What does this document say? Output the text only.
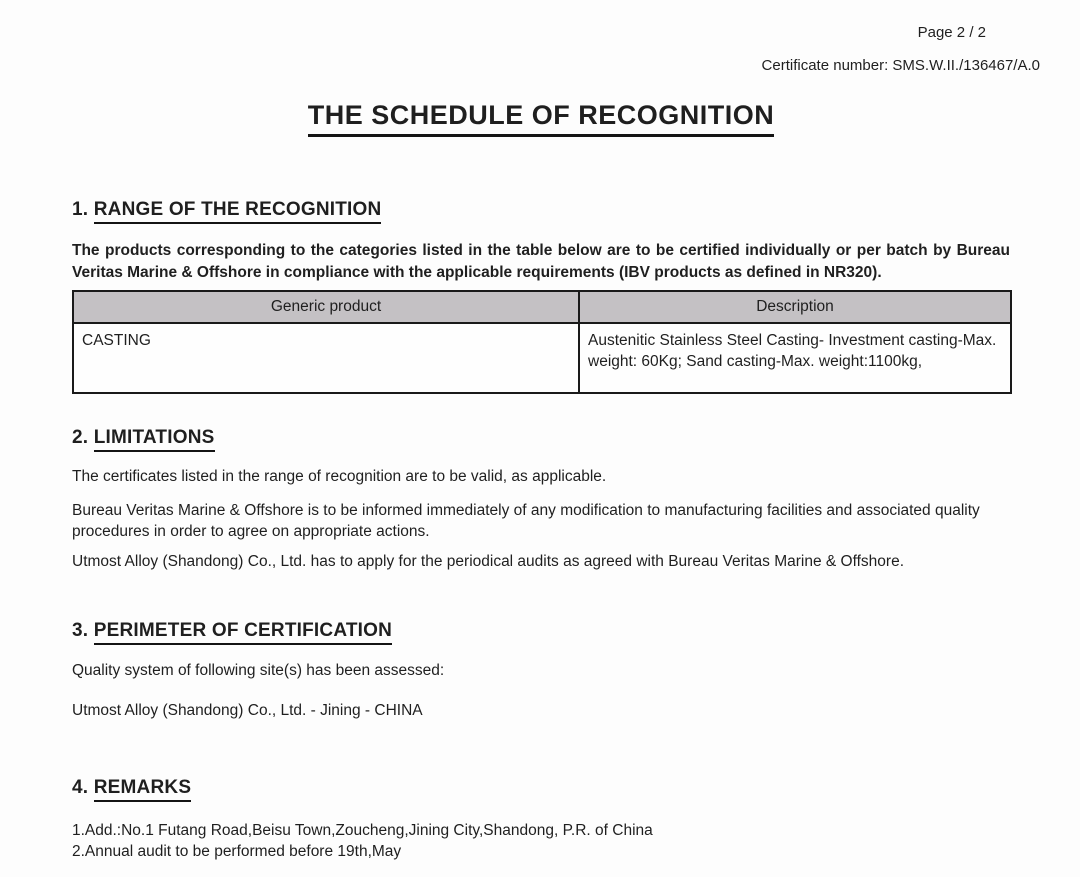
Page 2 / 2
Certificate number: SMS.W.II./136467/A.0
THE SCHEDULE OF RECOGNITION
1. RANGE OF THE RECOGNITION
The products corresponding to the categories listed in the table below are to be certified individually or per batch by Bureau Veritas Marine & Offshore in compliance with the applicable requirements (IBV products as defined in NR320).
Generic product	Description
CASTING	Austenitic Stainless Steel Casting- Investment casting-Max. weight: 60Kg; Sand casting-Max. weight:1100kg,
2. LIMITATIONS
The certificates listed in the range of recognition are to be valid, as applicable.
Bureau Veritas Marine & Offshore is to be informed immediately of any modification to manufacturing facilities and associated quality procedures in order to agree on appropriate actions.
Utmost Alloy (Shandong) Co., Ltd. has to apply for the periodical audits as agreed with Bureau Veritas Marine & Offshore.
3. PERIMETER OF CERTIFICATION
Quality system of following site(s) has been assessed:
Utmost Alloy (Shandong) Co., Ltd. - Jining - CHINA
4. REMARKS
1.Add.:No.1 Futang Road,Beisu Town,Zoucheng,Jining City,Shandong, P.R. of China
2.Annual audit to be performed before 19th,May
